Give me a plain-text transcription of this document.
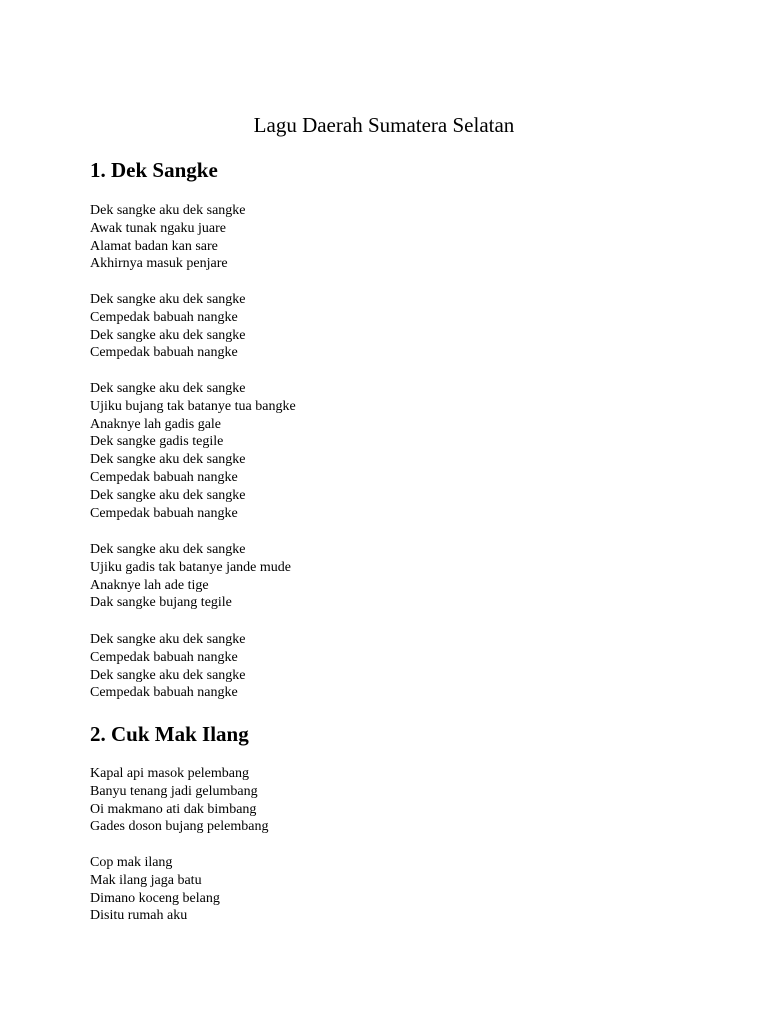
Lagu Daerah Sumatera Selatan
1. Dek Sangke
Dek sangke aku dek sangke
Awak tunak ngaku juare
Alamat badan kan sare
Akhirnya masuk penjare
Dek sangke aku dek sangke
Cempedak babuah nangke
Dek sangke aku dek sangke
Cempedak babuah nangke
Dek sangke aku dek sangke
Ujiku bujang tak batanye tua bangke
Anaknye lah gadis gale
Dek sangke gadis tegile
Dek sangke aku dek sangke
Cempedak babuah nangke
Dek sangke aku dek sangke
Cempedak babuah nangke
Dek sangke aku dek sangke
Ujiku gadis tak batanye jande mude
Anaknye lah ade tige
Dak sangke bujang tegile
Dek sangke aku dek sangke
Cempedak babuah nangke
Dek sangke aku dek sangke
Cempedak babuah nangke
2. Cuk Mak Ilang
Kapal api masok pelembang
Banyu tenang jadi gelumbang
Oi makmano ati dak bimbang
Gades doson bujang pelembang
Cop mak ilang
Mak ilang jaga batu
Dimano koceng belang
Disitu rumah aku
